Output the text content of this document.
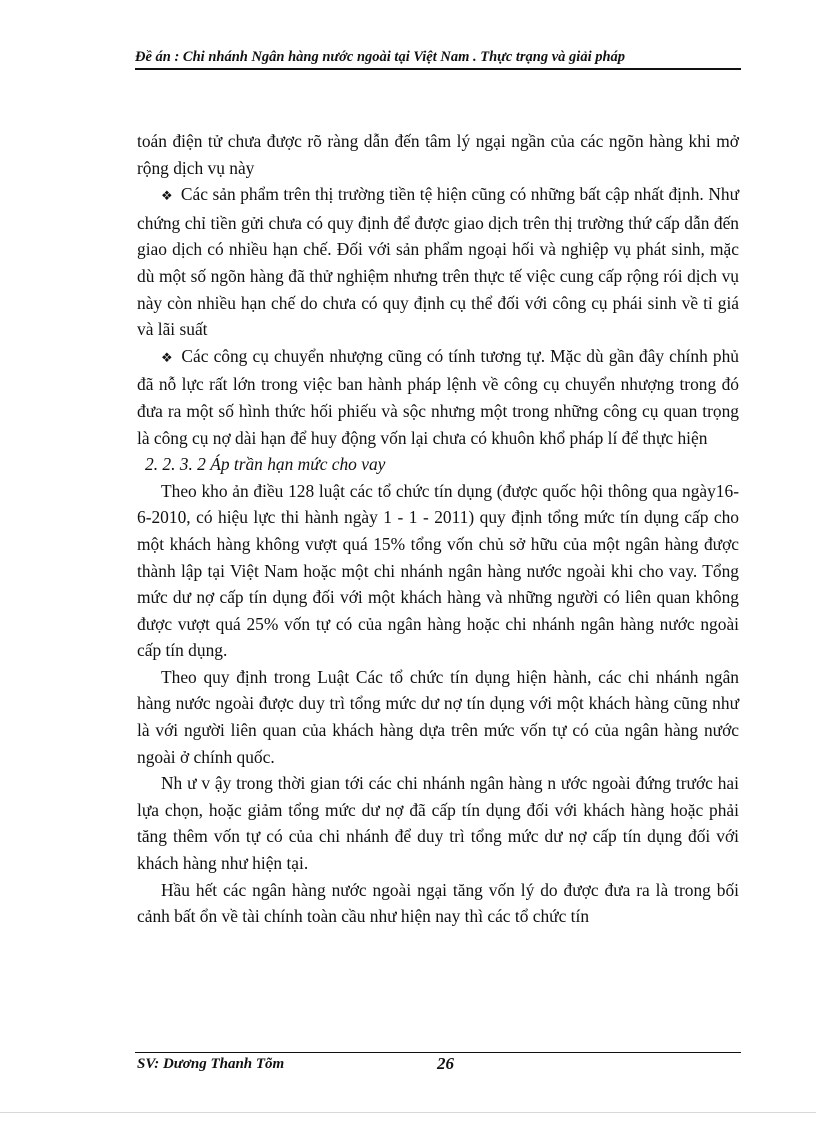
Đề án : Chi nhánh Ngân hàng nước ngoài tại Việt Nam . Thực trạng và giải pháp

toán điện tử chưa được rõ ràng dẫn đến tâm lý ngại ngần của các ngõn hàng khi mở rộng dịch vụ này

❖ Các sản phẩm trên thị trường tiền tệ hiện cũng có những bất cập nhất định. Như chứng chỉ tiền gửi chưa có quy định để được giao dịch trên thị trường thứ cấp dẫn đến giao dịch có nhiều hạn chế. Đối với sản phẩm ngoại hối và nghiệp vụ phát sinh, mặc dù một số ngõn hàng đã thử nghiệm nhưng trên thực tế việc cung cấp rộng rói dịch vụ này còn nhiều hạn chế do chưa có quy định cụ thể đối với công cụ phái sinh về tỉ giá và lãi suất

❖ Các công cụ chuyển nhượng cũng có tính tương tự. Mặc dù gần đây chính phủ đã nỗ lực rất lớn trong việc ban hành pháp lệnh về công cụ chuyển nhượng trong đó đưa ra một số hình thức hối phiếu và sộc nhưng một trong những công cụ quan trọng là công cụ nợ dài hạn để huy động vốn lại chưa có khuôn khổ pháp lí để thực hiện

2. 2. 3. 2 Áp trần hạn mức cho vay

Theo kho ản điều 128 luật các tổ chức tín dụng (được quốc hội thông qua ngày16-6-2010, có hiệu lực thi hành ngày 1 - 1 - 2011) quy định tổng mức tín dụng cấp cho một khách hàng không vượt quá 15% tổng vốn chủ sở hữu của một ngân hàng được thành lập tại Việt Nam hoặc một chi nhánh ngân hàng nước ngoài khi cho vay. Tổng mức dư nợ cấp tín dụng đối với một khách hàng và những người có liên quan không được vượt quá 25% vốn tự có của ngân hàng hoặc chi nhánh ngân hàng nước ngoài cấp tín dụng.

Theo quy định trong Luật Các tổ chức tín dụng hiện hành, các chi nhánh ngân hàng nước ngoài được duy trì tổng mức dư nợ tín dụng với một khách hàng cũng như là với người liên quan của khách hàng dựa trên mức vốn tự có của ngân hàng nước ngoài ở chính quốc.

Nh ư v ậy trong thời gian tới các chi nhánh ngân hàng n ước ngoài đứng trước hai lựa chọn, hoặc giảm tổng mức dư nợ đã cấp tín dụng đối với khách hàng hoặc phải tăng thêm vốn tự có của chi nhánh để duy trì tổng mức dư nợ cấp tín dụng đối với khách hàng như hiện tại.

Hầu hết các ngân hàng nước ngoài ngại tăng vốn lý do được đưa ra là trong bối cảnh bất ổn về tài chính toàn cầu như hiện nay thì các tổ chức tín

SV: Dương Thanh Tõm	26
